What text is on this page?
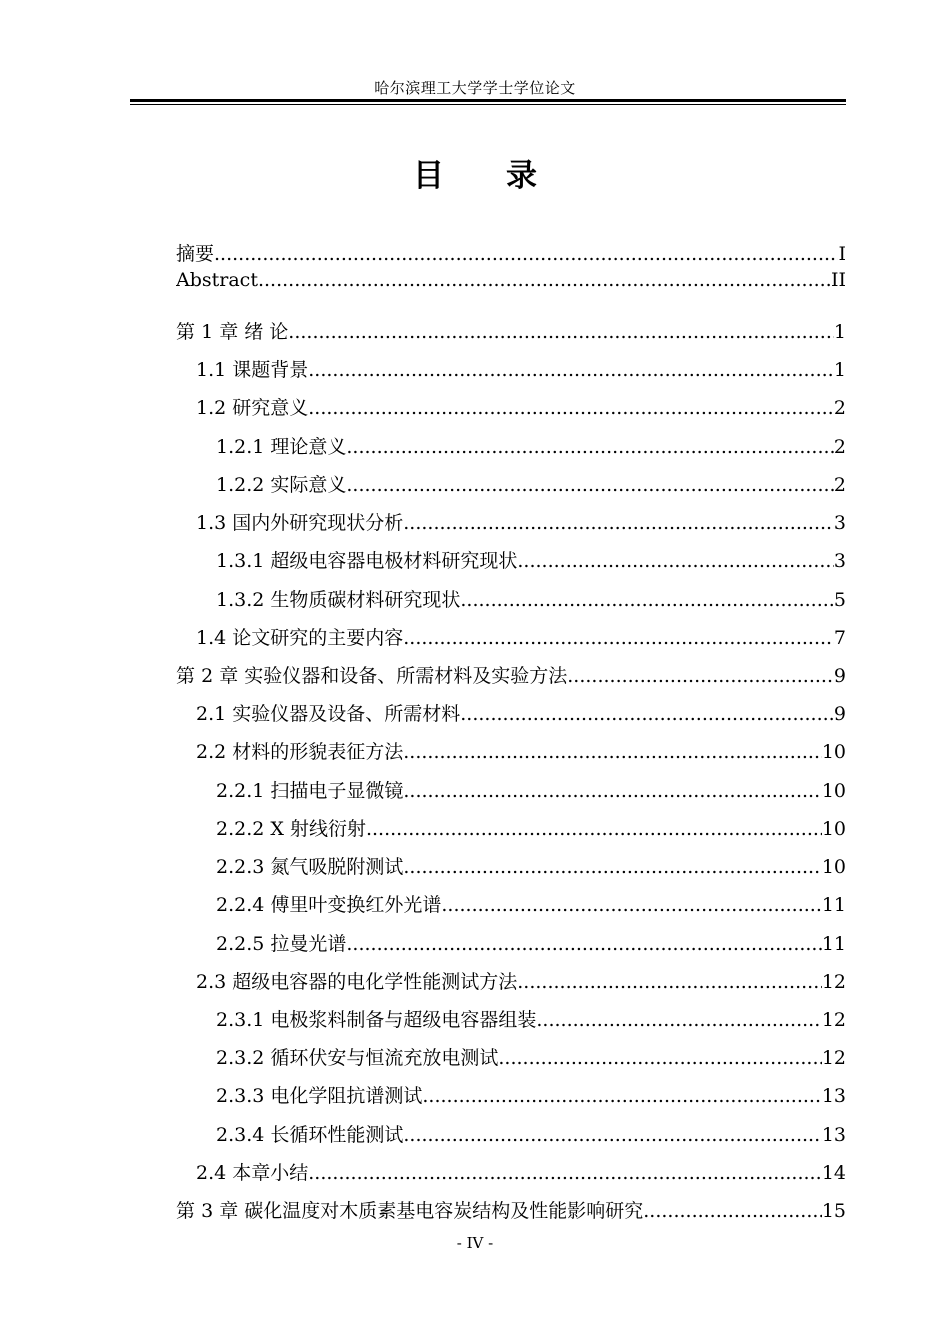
哈尔滨理工大学学士学位论文
目 录
摘要 .....	I
Abstract .....	II
第 1 章 绪 论 .....	1
1.1 课题背景 .....	1
1.2 研究意义 .....	2
1.2.1 理论意义 .....	2
1.2.2 实际意义 .....	2
1.3 国内外研究现状分析 .....	3
1.3.1 超级电容器电极材料研究现状 .....	3
1.3.2 生物质碳材料研究现状 .....	5
1.4 论文研究的主要内容 .....	7
第 2 章 实验仪器和设备、所需材料及实验方法 .....	9
2.1 实验仪器及设备、所需材料 .....	9
2.2 材料的形貌表征方法 .....	10
2.2.1 扫描电子显微镜 .....	10
2.2.2 X 射线衍射 .....	10
2.2.3 氮气吸脱附测试 .....	10
2.2.4 傅里叶变换红外光谱 .....	11
2.2.5 拉曼光谱 .....	11
2.3 超级电容器的电化学性能测试方法 .....	12
2.3.1 电极浆料制备与超级电容器组装 .....	12
2.3.2 循环伏安与恒流充放电测试 .....	12
2.3.3 电化学阻抗谱测试 .....	13
2.3.4 长循环性能测试 .....	13
2.4 本章小结 .....	14
第 3 章 碳化温度对木质素基电容炭结构及性能影响研究 .....	15
- IV -
